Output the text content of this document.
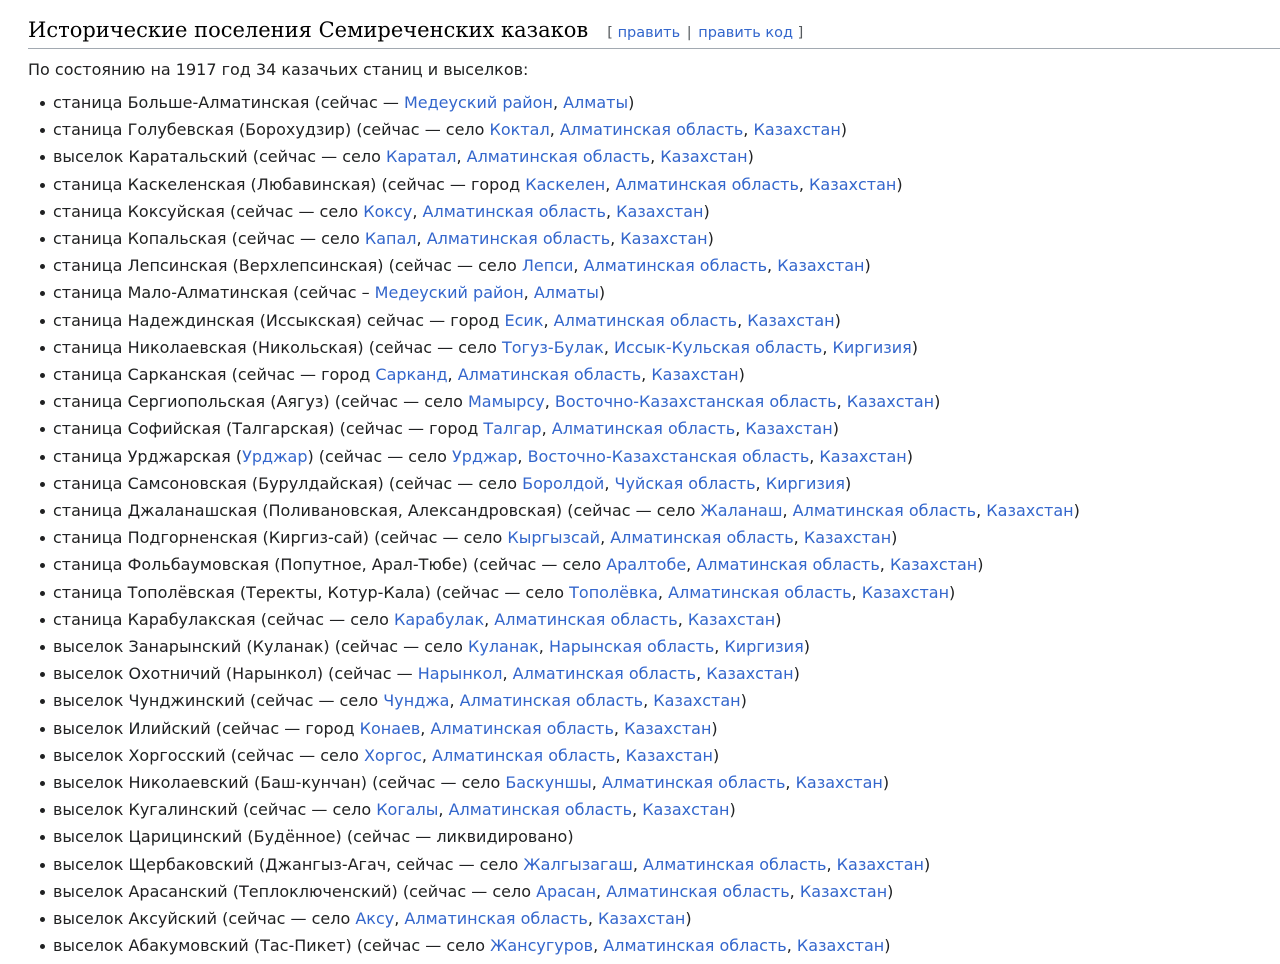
Исторические поселения Семиреченских казаков [ править | править код ]

По состоянию на 1917 год 34 казачьих станиц и выселков:

станица Больше-Алматинская (сейчас — Медеуский район, Алматы)
станица Голубевская (Борохудзир) (сейчас — село Коктал, Алматинская область, Казахстан)
выселок Каратальский (сейчас — село Каратал, Алматинская область, Казахстан)
станица Каскеленская (Любавинская) (сейчас — город Каскелен, Алматинская область, Казахстан)
станица Коксуйская (сейчас — село Коксу, Алматинская область, Казахстан)
станица Копальская (сейчас — село Капал, Алматинская область, Казахстан)
станица Лепсинская (Верхлепсинская) (сейчас — село Лепси, Алматинская область, Казахстан)
станица Мало-Алматинская (сейчас – Медеуский район, Алматы)
станица Надеждинская (Иссыкская) сейчас — город Есик, Алматинская область, Казахстан)
станица Николаевская (Никольская) (сейчас — село Тогуз-Булак, Иссык-Кульская область, Киргизия)
станица Сарканская (сейчас — город Сарканд, Алматинская область, Казахстан)
станица Сергиопольская (Аягуз) (сейчас — село Мамырсу, Восточно-Казахстанская область, Казахстан)
станица Софийская (Талгарская) (сейчас — город Талгар, Алматинская область, Казахстан)
станица Урджарская (Урджар) (сейчас — село Урджар, Восточно-Казахстанская область, Казахстан)
станица Самсоновская (Бурулдайская) (сейчас — село Боролдой, Чуйская область, Киргизия)
станица Джаланашская (Поливановская, Александровская) (сейчас — село Жаланаш, Алматинская область, Казахстан)
станица Подгорненская (Киргиз-сай) (сейчас — село Кыргызсай, Алматинская область, Казахстан)
станица Фольбаумовская (Попутное, Арал-Тюбе) (сейчас — село Аралтобе, Алматинская область, Казахстан)
станица Тополёвская (Теректы, Котур-Кала) (сейчас — село Тополёвка, Алматинская область, Казахстан)
станица Карабулакская (сейчас — село Карабулак, Алматинская область, Казахстан)
выселок Занарынский (Куланак) (сейчас — село Куланак, Нарынская область, Киргизия)
выселок Охотничий (Нарынкол) (сейчас — Нарынкол, Алматинская область, Казахстан)
выселок Чунджинский (сейчас — село Чунджа, Алматинская область, Казахстан)
выселок Илийский (сейчас — город Конаев, Алматинская область, Казахстан)
выселок Хоргосский (сейчас — село Хоргос, Алматинская область, Казахстан)
выселок Николаевский (Баш-кунчан) (сейчас — село Баскуншы, Алматинская область, Казахстан)
выселок Кугалинский (сейчас — село Когалы, Алматинская область, Казахстан)
выселок Царицинский (Будённое) (сейчас — ликвидировано)
выселок Щербаковский (Джангыз-Агач, сейчас — село Жалгызагаш, Алматинская область, Казахстан)
выселок Арасанский (Теплоключенский) (сейчас — село Арасан, Алматинская область, Казахстан)
выселок Аксуйский (сейчас — село Аксу, Алматинская область, Казахстан)
выселок Абакумовский (Тас-Пикет) (сейчас — село Жансугуров, Алматинская область, Казахстан)
